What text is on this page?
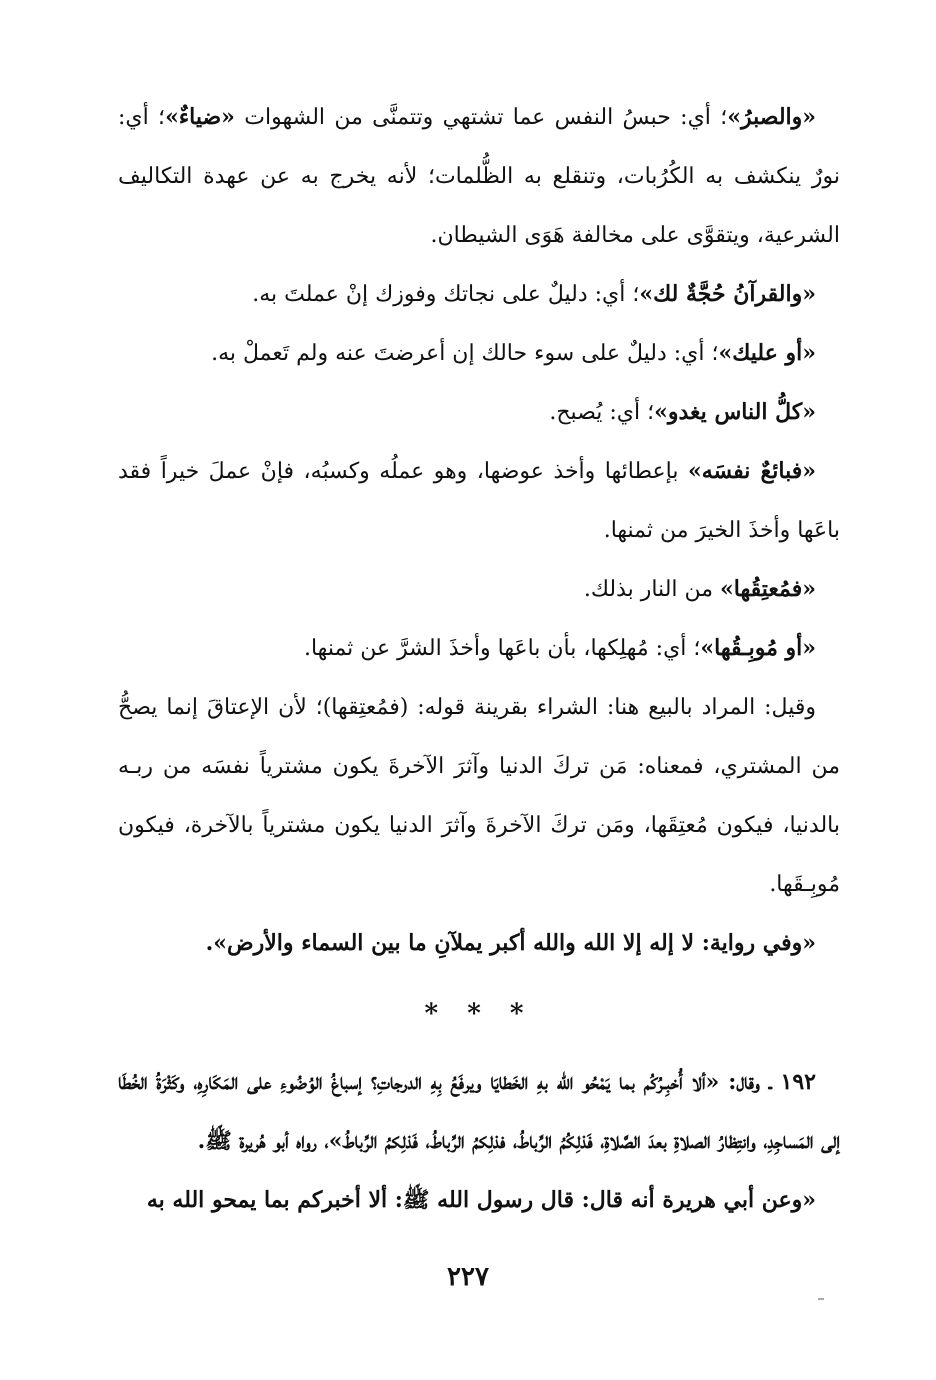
«والصبرُ»؛ أي: حبسُ النفس عما تشتهي وتتمنَّى من الشهوات «ضياءٌ»؛ أي: نورٌ ينكشف به الكُرُبات، وتنقلع به الظُّلمات؛ لأنه يخرج به عن عهدة التكاليف الشرعية، ويتقوَّى على مخالفة هَوَى الشيطان.

«والقرآنُ حُجَّةٌ لك»؛ أي: دليلٌ على نجاتك وفوزك إنْ عملتَ به.

«أو عليك»؛ أي: دليلٌ على سوء حالك إن أعرضتَ عنه ولم تَعملْ به.

«كلُّ الناس يغدو»؛ أي: يُصبح.

«فبائعٌ نفسَه» بإعطائها وأخذ عوضها، وهو عملُه وكسبُه، فإنْ عملَ خيراً فقد باعَها وأخذَ الخيرَ من ثمنها.

«فمُعتِقُها» من النار بذلك.

«أو مُوبِـقُها»؛ أي: مُهلِكها، بأن باعَها وأخذَ الشرَّ عن ثمنها.

وقيل: المراد بالبيع هنا: الشراء بقرينة قوله: (فمُعتِقها)؛ لأن الإعتاقَ إنما يصحُّ من المشتري، فمعناه: مَن تركَ الدنيا وآثرَ الآخرةَ يكون مشترياً نفسَه من ربـه بالدنيا، فيكون مُعتِقَها، ومَن تركَ الآخرةَ وآثرَ الدنيا يكون مشترياً بالآخرة، فيكون مُوبِـقَها.

«وفي رواية: لا إله إلا الله والله أكبر يملآنِ ما بين السماء والأرض».

* * *

١٩٢ ـ وقال: «ألا أُخبِـرُكُم بما يَمْحُو الله بهِ الخَطايَا ويرفَعُ بِهِ الدرجاتِ؟ إسباغُ الوُضُوءِ على المَكَارِهِ، وكَثْرَةُ الخُطَا إلى المَساجِدِ، وانتِظارُ الصلاةِ بعدَ الصَّلاةِ، فَذلِكُمُ الرِّباطُ، فذلِكمُ الرِّباطُ، فَذلِكمُ الرِّباطُ»، رواه أبو هُريرة ﷺ.

«وعن أبي هريرة أنه قال: قال رسول الله ﷺ: ألا أخبركم بما يمحو الله به

٢٢٧
